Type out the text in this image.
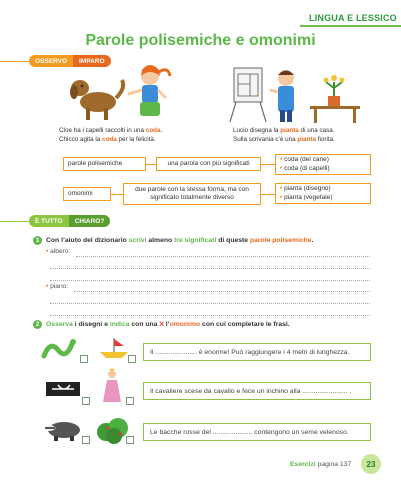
LINGUA E LESSICO
Parole polisemiche e omonimi
OSSERVO	IMPARO
Cloe ha i capelli raccolti in una coda.
Chicco agita la coda per la felicità.
Lucio disegna la pianta di una casa.
Sulla scrivania c’è una pianta fiorita.
parole polisemiche	una parola con più significati
• coda (del cane)
• coda (di capelli)
omonimi
due parole con la stessa forma, ma con
significato totalmente diverso
• pianta (disegno)
• pianta (vegetale)
È TUTTO	CHIARO?
1 Con l’aiuto del dizionario scrivi almeno tre significati di queste parole polisemiche.
• albero:
• piano:
2 Osserva i disegni e indica con una X l’omonimo con cui completare le frasi.
Il ...................... è enorme! Può raggiungere i 4 metri di lunghezza.
Il cavaliere scese da cavallo e fece un inchino alla ........................ .
Le bacche rosse del ..................... contengono un seme velenoso.
Esercizi pagina 137	23
